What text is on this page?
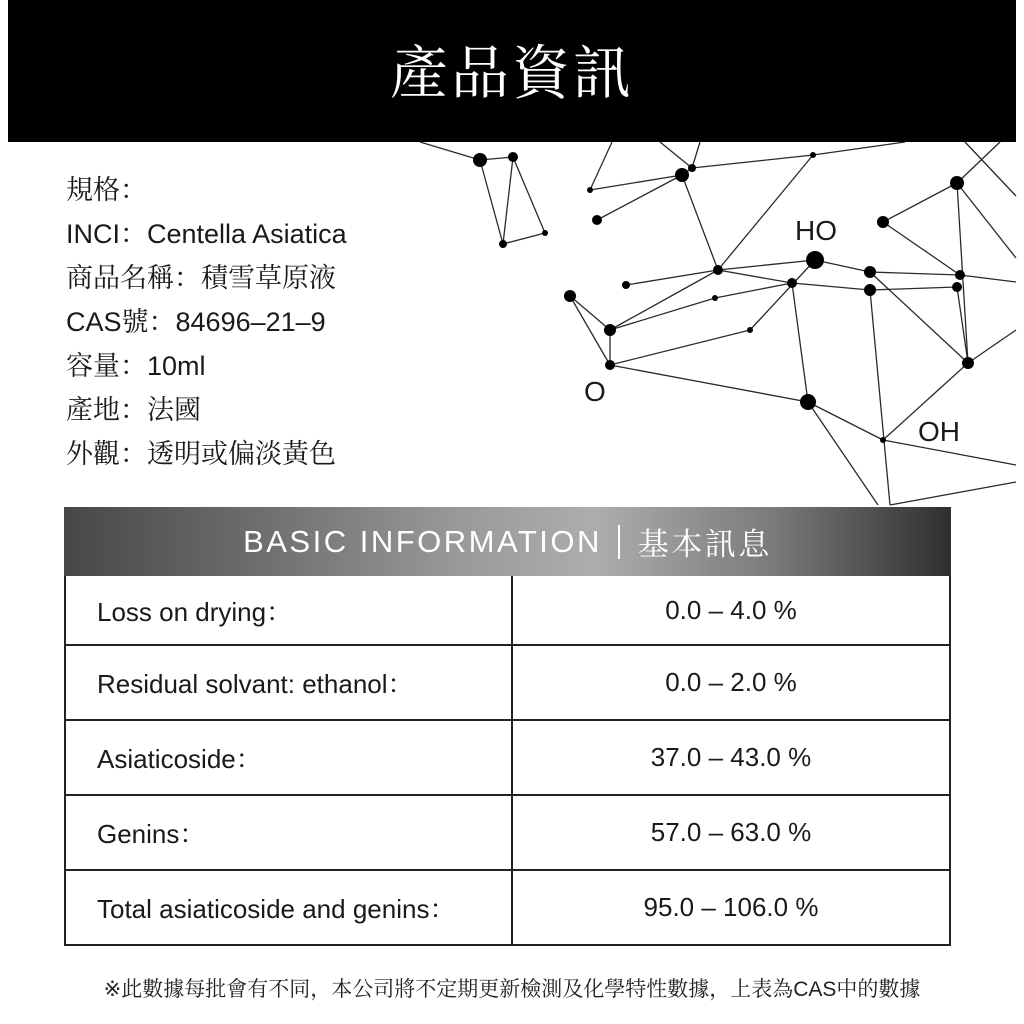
產品資訊
HO
O
OH
規格：
INCI：Centella Asiatica
商品名稱：積雪草原液
CAS號：84696–21–9
容量：10ml
產地：法國
外觀：透明或偏淡黃色
BASIC INFORMATION 基本訊息
Loss on drying：	0.0 – 4.0 %
Residual solvant: ethanol：	0.0 – 2.0 %
Asiaticoside：	37.0 – 43.0 %
Genins：	57.0 – 63.0 %
Total asiaticoside and genins：	95.0 – 106.0 %
※此數據每批會有不同，本公司將不定期更新檢測及化學特性數據，上表為CAS中的數據
